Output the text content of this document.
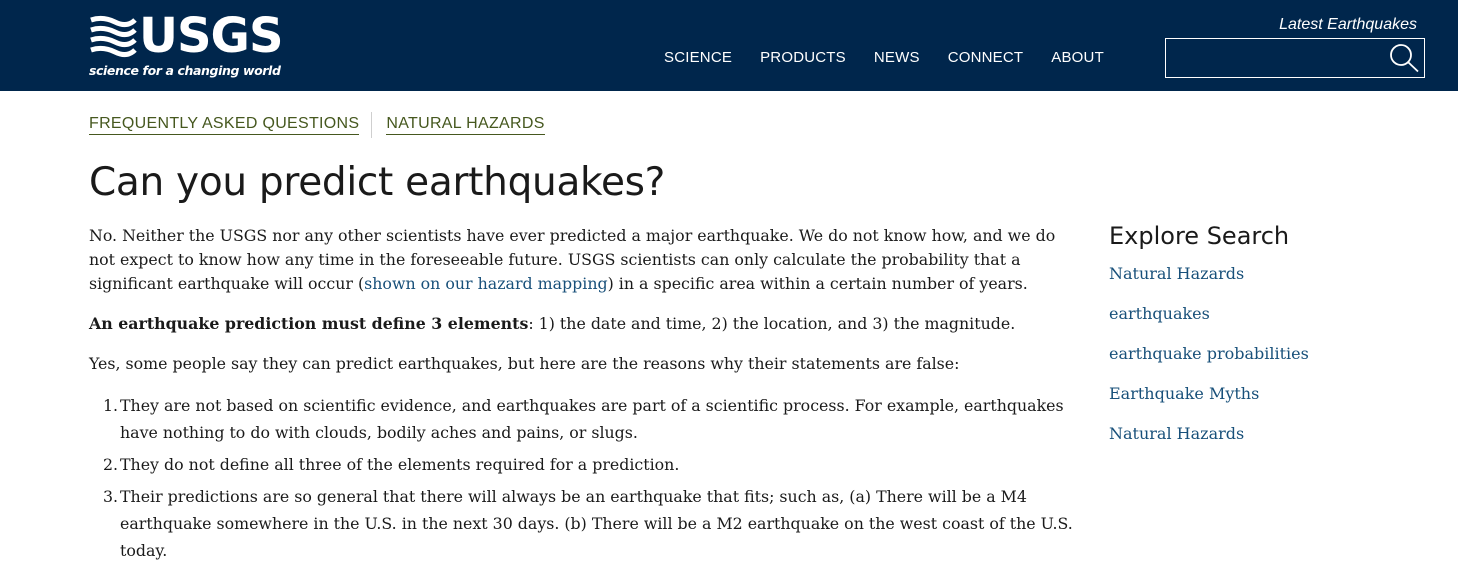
USGS
science for a changing world
SCIENCE PRODUCTS NEWS CONNECT ABOUT
Latest Earthquakes
FREQUENTLY ASKED QUESTIONS NATURAL HAZARDS
Can you predict earthquakes?

No. Neither the USGS nor any other scientists have ever predicted a major earthquake. We do not know how, and we do not expect to know how any time in the foreseeable future. USGS scientists can only calculate the probability that a significant earthquake will occur (shown on our hazard mapping) in a specific area within a certain number of years.

An earthquake prediction must define 3 elements: 1) the date and time, 2) the location, and 3) the magnitude.

Yes, some people say they can predict earthquakes, but here are the reasons why their statements are false:

1. They are not based on scientific evidence, and earthquakes are part of a scientific process. For example, earthquakes have nothing to do with clouds, bodily aches and pains, or slugs.
2. They do not define all three of the elements required for a prediction.
3. Their predictions are so general that there will always be an earthquake that fits; such as, (a) There will be a M4 earthquake somewhere in the U.S. in the next 30 days. (b) There will be a M2 earthquake on the west coast of the U.S. today.
Explore Search
Natural Hazards
earthquakes
earthquake probabilities
Earthquake Myths
Natural Hazards
